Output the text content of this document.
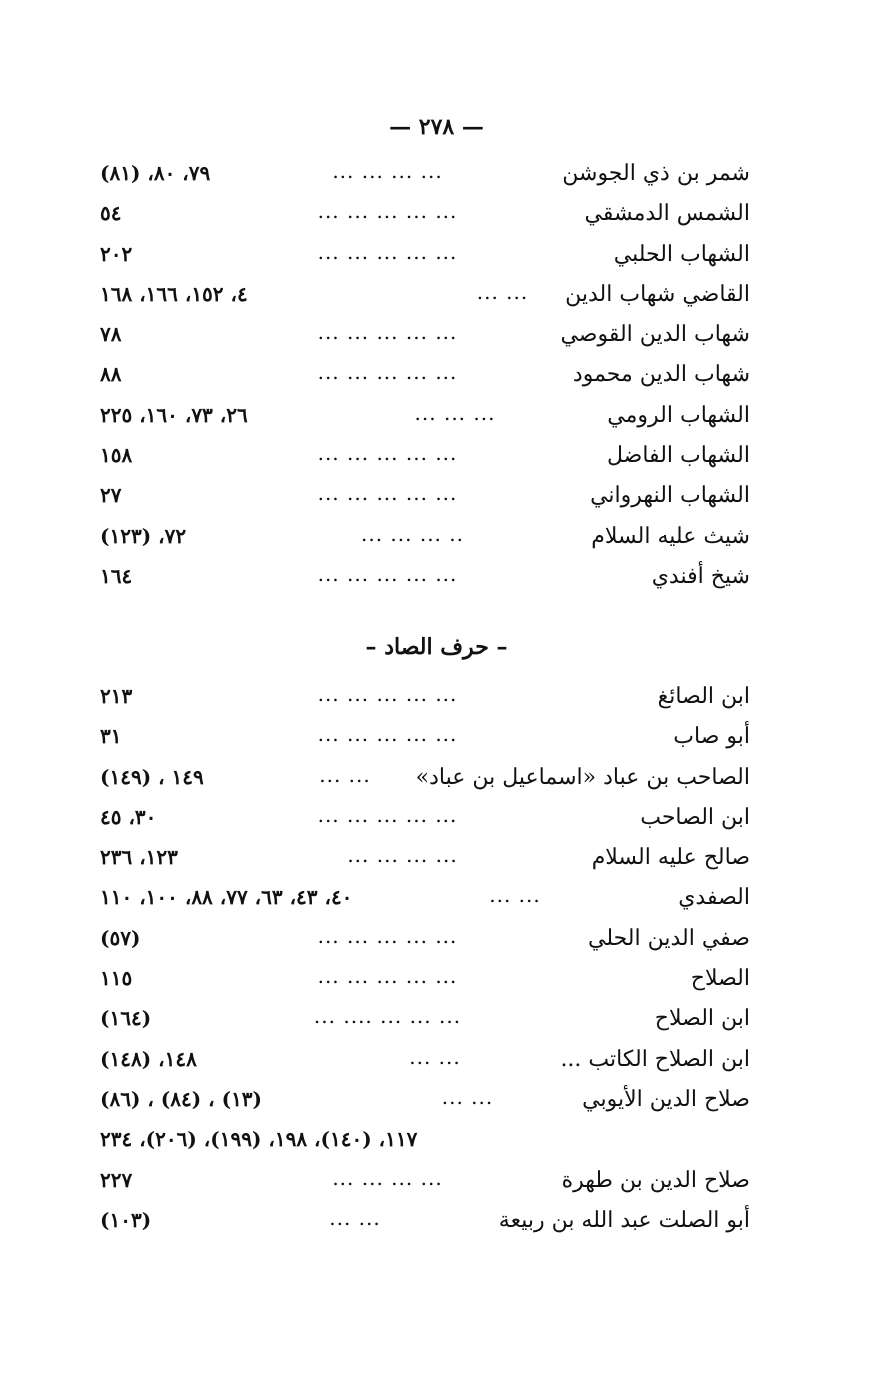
— ٢٧٨ —
شمر بن ذي الجوشن
... ... ... ...
٧٩، ٨٠، (٨١)
الشمس الدمشقي
... ... ... ... ...
٥٤
الشهاب الحلبي
... ... ... ... ...
٢٠٢
القاضي شهاب الدين
... ...
٤، ١٥٢، ١٦٦، ١٦٨
شهاب الدين القوصي
... ... ... ... ...
٧٨
شهاب الدين محمود
... ... ... ... ...
٨٨
الشهاب الرومي
... ... ...
٢٦، ٧٣، ١٦٠، ٢٢٥
الشهاب الفاضل
... ... ... ... ...
١٥٨
الشهاب النهرواني
... ... ... ... ...
٢٧
شيث عليه السلام
... ... ... ..
٧٢، (١٢٣)
شيخ أفندي
... ... ... ... ...
١٦٤
– حرف الصاد –
ابن الصائغ
... ... ... ... ...
٢١٣
أبو صاب
... ... ... ... ...
٣١
الصاحب بن عباد «اسماعيل بن عباد»
... ...
١٤٩ ، (١٤٩)
ابن الصاحب
... ... ... ... ...
٣٠، ٤٥
صالح عليه السلام
... ... ... ...
١٢٣، ٢٣٦
الصفدي
... ...
٤٠، ٤٣، ٦٣، ٧٧، ٨٨، ١٠٠، ١١٠
صفي الدين الحلي
... ... ... ... ...
(٥٧)
الصلاح
... ... ... ... ...
١١٥
ابن الصلاح
... .... ... ... ...
(١٦٤)
ابن الصلاح الكاتب ...
... ...
١٤٨، (١٤٨)
صلاح الدين الأيوبي
... ...
(١٣) ، (٨٤) ، (٨٦)
١١٧، (١٤٠)، ١٩٨، (١٩٩)، (٢٠٦)، ٢٣٤
صلاح الدين بن طهرة
... ... ... ...
٢٢٧
أبو الصلت عبد الله بن ربيعة
... ...
(١٠٣)
